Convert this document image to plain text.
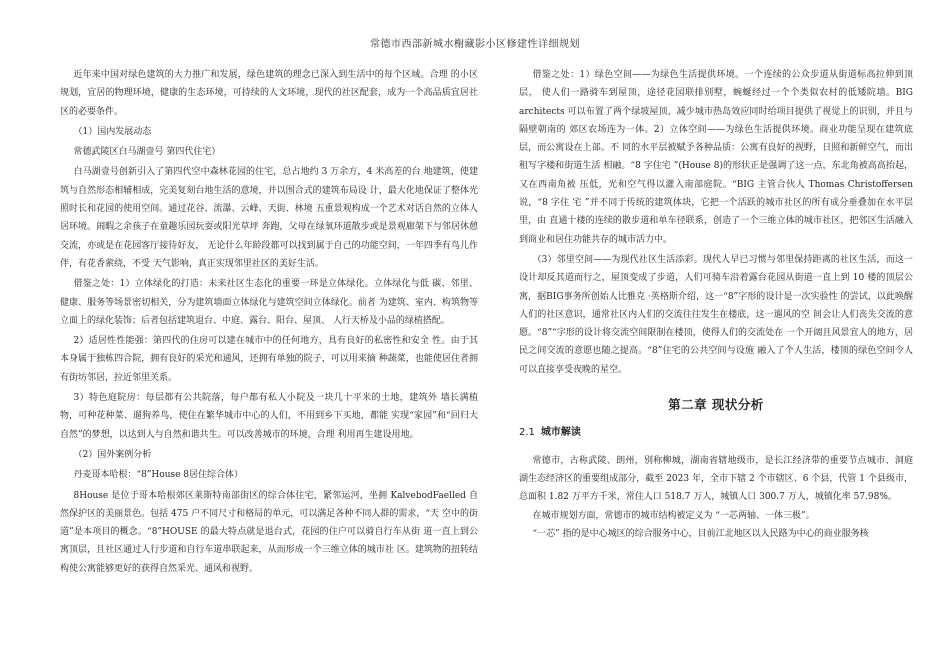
常德市西部新城水榭藏影小区修建性详细规划

近年来中国对绿色建筑的大力推广和发展，绿色建筑的理念已深入到生活中的每个区域。合理 的小区规划，宜居的物理环境，健康的生态环境，可持续的人文环境，现代的社区配套，成为一个高品质宜居社区的必要条件。

（1）国内发展动态

常德武陵区白马湖壹号 第四代住宅）

白马湖壹号创新引入了第四代空中森林花园的住宅，总占地约 3 万余方，4 米高差的台 地建筑，使建筑与自然形态相辅相成，完美复刻台地生活的意境，并以围合式的建筑布局设 计，最大化地保证了整体光照时长和花园的使用空间。通过花谷、流瀑、云峰、天街、林境 五重景观构成一个艺术对话自然的立体人居环境。闹暇之余孩子在童趣乐园玩耍或阳光草坪 奔跑，父母在绿氧环道散步或是景观廊架下与邻居休憩交流，亦或是在花园客厅接待好友， 无论什么年龄段都可以找到属于自己的功能空间，一年四季有鸟儿作伴，有花香萦绕，不受 天气影响，真正实现邻里社区的美好生活。

借鉴之处：1）立体绿化的打造：未来社区生态化的重要一环是立体绿化。立体绿化与低 碳、邻里、健康、服务等场景密切相关，分为建筑墙面立体绿化与建筑空间立体绿化。前者 为建筑、室内、构筑物等立面上的绿化装饰；后者包括建筑退台、中庭、露台、阳台、屋顶、 人行天桥及小品的绿植搭配。

2）适居性性能强：第四代的住房可以建在城市中的任何地方，具有良好的私密性和安全 性。由于其本身属于独栋四合院，拥有良好的采光和通风，还拥有单独的院子，可以用来摘 种蔬菜，也能使居住者拥有街坊邻居，拉近邻里关系。

3）特色庭院房：每层都有公共院落，每户都有私人小院及一块几十平米的土地，建筑外 墙长满植物，可种花种菜、遛狗养鸟，使住在繁华城市中心的人们，不用到乡下买地，都能 实现“家园”和“回归大自然”的梦想，以达到人与自然和谐共生。可以改善城市的环境，合理 利用再生建设用地。

（2）国外案例分析

丹麦哥本哈根：“8”House 8居住综合体）

8House 是位于哥本哈根郊区莱斯特南部街区的综合体住宅，紧邻运河，坐拥 KalvebodFaelled 自然保护区的美丽景色。包括 475 户不同尺寸和格局的单元，可以满足各种不同人群的需求，“天 空中的街道”是本项目的概念。“8”HOUSE 的最大特点就是退台式，花园的住户可以骑自行车从街 道一直上到公寓顶层，且社区通过人行步道和自行车道串联起来，从而形成一个三维立体的城市社 区。建筑物的扭转结构使公寓能够更好的获得自然采光、通风和视野。

借鉴之处：1）绿色空间——为绿色生活提供环境。一个连续的公众步道从街道标高拉伸到顶层， 使人们一路骑车到屋顶，途径花园联排别墅，蜿蜒经过一个个类似农村的低矮院墙。BIG architects 可以布置了两个绿坡屋顶，减少城市热岛效应同时给项目提供了视觉上的识别，并且与隔壁朝南的 郊区农场连为一体。2）立体空间——为绿色生活提供环境。商业功能呈现在建筑底层，而公寓设在上部。不 同的水平层被赋予各种品质：公寓有良好的视野，日照和新鲜空气，而出租写字楼和街道生活 相融。“8 字住宅 ”(House 8)的形状正是强调了这一点，东北角被高高抬起，又在西南角被 压低，光和空气得以灌入南部庭院。“BIG 主管合伙人 Thomas Christoffersen 说，“8 字住 宅 ”并不同于传统的建筑体块，它把一个活跃的城市社区的所有成分垂叠加在水平层里，由 直通十楼的连续的散步道和单车径联系，创造了一个三维立体的城市社区，把邻区生活融入 到商业和居住功能共存的城市活力中。

（3）邻里空间——为现代社区生活添彩。现代人早已习惯与邻里保持距离的社区生活，而这一设计却反其道而行之，屋顶变成了步道，人们可骑车沿着露台花园从街道一直上到 10 楼的顶层公寓，据BIG事务所创始人比雅克 ·英格斯介绍，这一“8”字形的设计是一次实验性 的尝试，以此唤醒人们的社区意识，通常社区内人们的交流往往发生在楼底，这一遛风的空 间会让人们丧失交流的意愿。“8”“字形的设计将交流空间限制在楼顶，使得人们的交流处在 一个开阔且风景宜人的地方，居民之间交流的意愿也随之提高。“8”住宅的公共空间与设施 融入了个人生活，楼顶的绿色空间令人可以直接享受夜晚的星空。

第二章 现状分析
2.1 城市解读

常德市，古称武陵、朗州，别称柳城，湖南省辖地级市，是长江经济带的重要节点城市、洞庭 湖生态经济区的重要组成部分，截至 2023 年，全市下辖 2 个市辖区、6 个县，代管 1 个县级市，总面积 1.82 万平方千米，常住人口 518.7 万人，城镇人口 300.7 万人，城镇化率 57.98%。

在城市规划方面，常德市的城市结构被定义为 “一芯两轴、一体三极”。

“一芯” 指的是中心城区的综合服务中心，目前江北地区以人民路为中心的商业服务核
